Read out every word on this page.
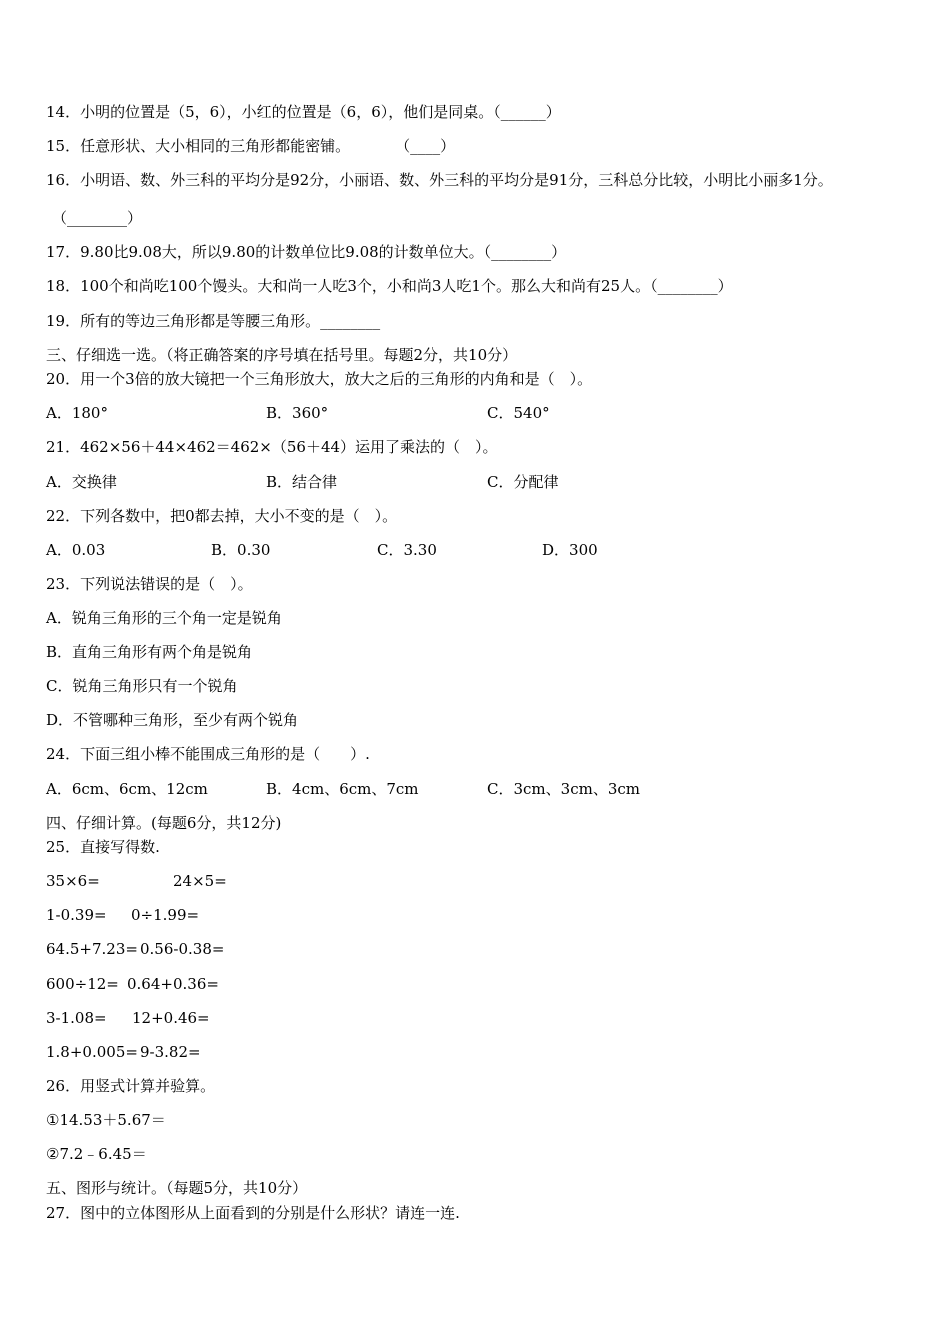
14．小明的位置是（5，6），小红的位置是（6，6），他们是同桌。（______）
15．任意形状、大小相同的三角形都能密铺。　　　　（____）
16．小明语、数、外三科的平均分是92分，小丽语、数、外三科的平均分是91分，三科总分比较，小明比小丽多1分。
（________）
17．9.80比9.08大，所以9.80的计数单位比9.08的计数单位大。（________）
18．100个和尚吃100个馒头。大和尚一人吃3个，小和尚3人吃1个。那么大和尚有25人。（________）
19．所有的等边三角形都是等腰三角形。________
三、仔细选一选。（将正确答案的序号填在括号里。每题2分，共10分）
20．用一个3倍的放大镜把一个三角形放大，放大之后的三角形的内角和是（　）。
A．180°	B．360°	C．540°
21．462×56＋44×462＝462×（56＋44）运用了乘法的（　）。
A．交换律	B．结合律	C．分配律
22．下列各数中，把0都去掉，大小不变的是（　）。
A．0.03	B．0.30	C．3.30	D．300
23．下列说法错误的是（　）。
A．锐角三角形的三个角一定是锐角
B．直角三角形有两个角是锐角
C．锐角三角形只有一个锐角
D．不管哪种三角形，至少有两个锐角
24．下面三组小棒不能围成三角形的是（　　）.
A．6cm、6cm、12cm	B．4cm、6cm、7cm	C．3cm、3cm、3cm
四、仔细计算。(每题6分，共12分)
25．直接写得数.
35×6=	24×5=
1-0.39= 0÷1.99=
64.5+7.23= 0.56-0.38=
600÷12= 0.64+0.36=
3-1.08= 12+0.46=
1.8+0.005= 9-3.82=
26．用竖式计算并验算。
①14.53＋5.67＝
②7.2﹣6.45＝
五、图形与统计。（每题5分，共10分）
27．图中的立体图形从上面看到的分别是什么形状？请连一连.
